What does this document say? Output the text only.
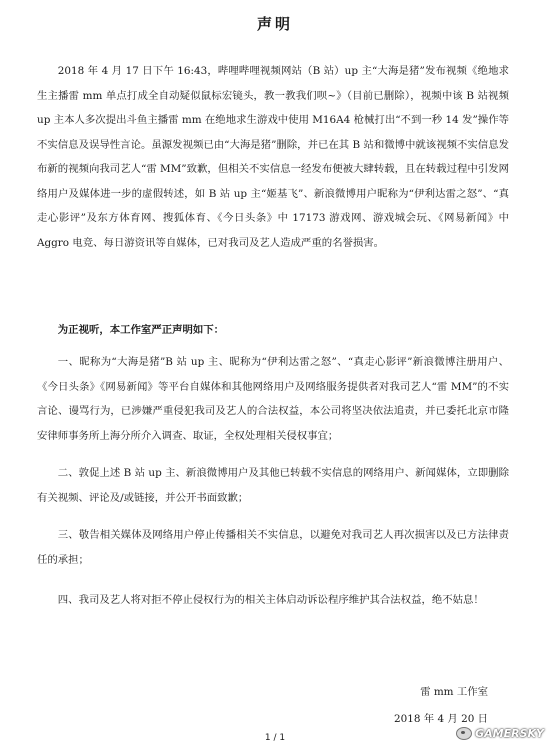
声明

2018 年 4 月 17 日下午 16:43，哔哩哔哩视频网站（B 站）up 主“大海是猪”发布视频《绝地求生主播雷 mm 单点打成全自动疑似鼠标宏镜头，教一教我们呗~》（目前已删除），视频中该 B 站视频 up 主本人多次提出斗鱼主播雷 mm 在绝地求生游戏中使用 M16A4 枪械打出“不到一秒 14 发”操作等不实信息及误导性言论。虽源发视频已由“大海是猪”删除，并已在其 B 站和微博中就该视频不实信息发布新的视频向我司艺人“雷 MM”致歉，但相关不实信息一经发布便被大肆转载，且在转载过程中引发网络用户及媒体进一步的虚假转述，如 B 站 up 主“姬基飞”、新浪微博用户昵称为“伊利达雷之怒”、“真走心影评”及东方体育网、搜狐体育、《今日头条》中 17173 游戏网、游戏城会玩、《网易新闻》中 Aggro 电竞、每日游资讯等自媒体，已对我司及艺人造成严重的名誉损害。

为正视听，本工作室严正声明如下：

一、昵称为“大海是猪”B 站 up 主、昵称为“伊利达雷之怒”、“真走心影评”新浪微博注册用户、《今日头条》《网易新闻》等平台自媒体和其他网络用户及网络服务提供者对我司艺人“雷 MM”的不实言论、谩骂行为，已涉嫌严重侵犯我司及艺人的合法权益，本公司将坚决依法追责，并已委托北京市隆安律师事务所上海分所介入调查、取证，全权处理相关侵权事宜；

二、敦促上述 B 站 up 主、新浪微博用户及其他已转载不实信息的网络用户、新闻媒体，立即删除有关视频、评论及/或链接，并公开书面致歉；

三、敬告相关媒体及网络用户停止传播相关不实信息，以避免对我司艺人再次损害以及已方法律责任的承担；

四、我司及艺人将对拒不停止侵权行为的相关主体启动诉讼程序维护其合法权益，绝不姑息！

雷 mm 工作室
2018 年 4 月 20 日
1 / 1	GAMERSKY
